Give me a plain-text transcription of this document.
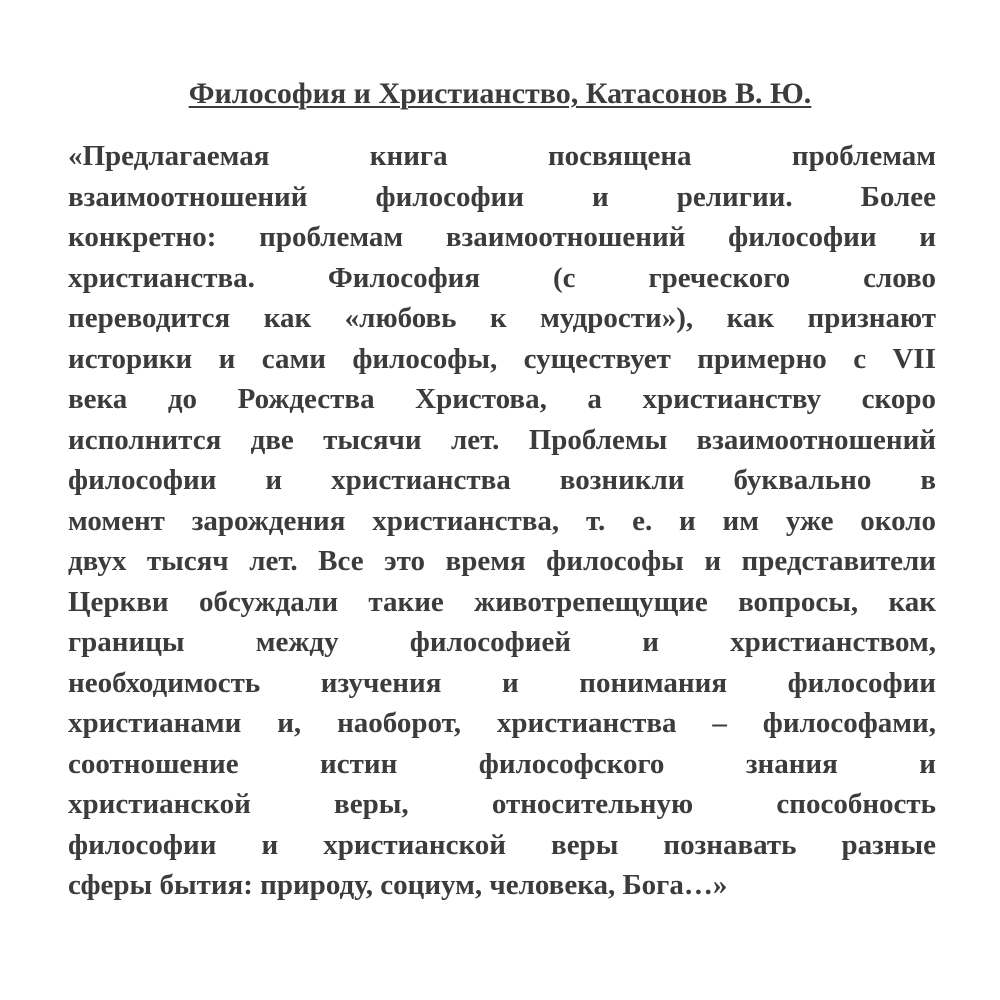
Философия и Христианство, Катасонов В. Ю.
«Предлагаемая книга посвящена проблемам
взаимоотношений философии и религии. Более
конкретно: проблемам взаимоотношений философии и
христианства. Философия (с греческого слово
переводится как «любовь к мудрости»), как признают
историки и сами философы, существует примерно с VII
века до Рождества Христова, а христианству скоро
исполнится две тысячи лет. Проблемы взаимоотношений
философии и христианства возникли буквально в
момент зарождения христианства, т. е. и им уже около
двух тысяч лет. Все это время философы и представители
Церкви обсуждали такие животрепещущие вопросы, как
границы между философией и христианством,
необходимость изучения и понимания философии
христианами и, наоборот, христианства – философами,
соотношение истин философского знания и
христианской веры, относительную способность
философии и христианской веры познавать разные
сферы бытия: природу, социум, человека, Бога…»
